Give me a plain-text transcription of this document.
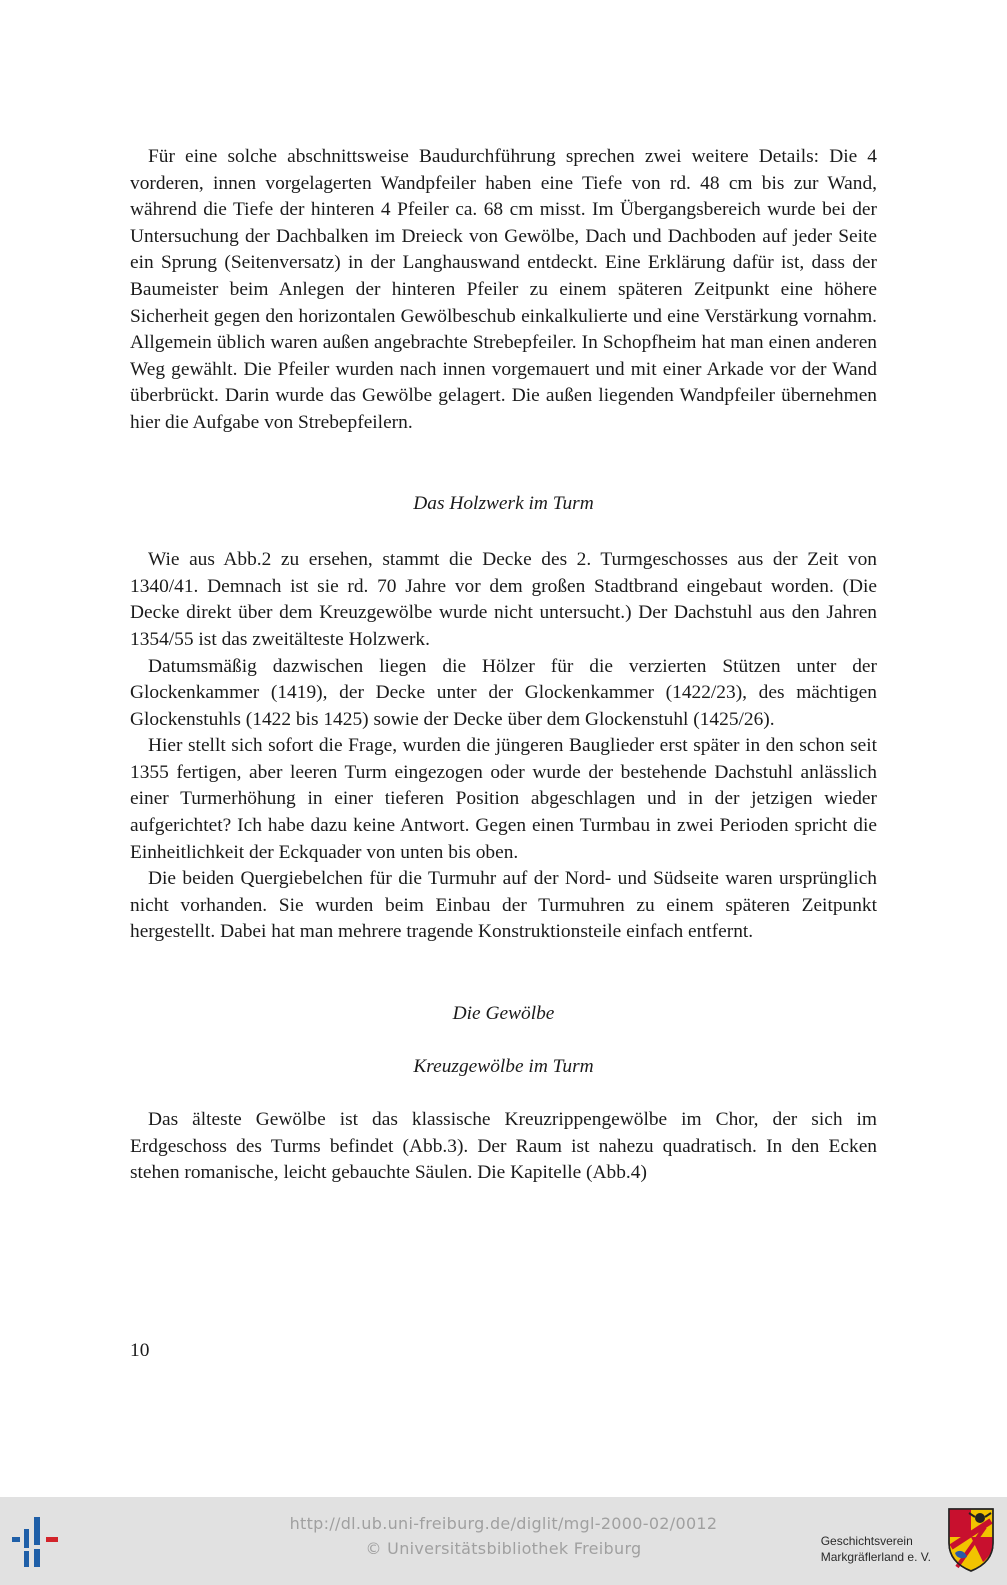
Für eine solche abschnittsweise Baudurchführung sprechen zwei weitere Details: Die 4 vorderen, innen vorgelagerten Wandpfeiler haben eine Tiefe von rd. 48 cm bis zur Wand, während die Tiefe der hinteren 4 Pfeiler ca. 68 cm misst. Im Übergangsbereich wurde bei der Untersuchung der Dachbalken im Dreieck von Gewölbe, Dach und Dachboden auf jeder Seite ein Sprung (Seitenversatz) in der Langhauswand entdeckt. Eine Erklärung dafür ist, dass der Baumeister beim Anlegen der hinteren Pfeiler zu einem späteren Zeitpunkt eine höhere Sicherheit gegen den horizontalen Gewölbeschub einkalkulierte und eine Verstärkung vornahm. Allgemein üblich waren außen angebrachte Strebepfeiler. In Schopfheim hat man einen anderen Weg gewählt. Die Pfeiler wurden nach innen vorgemauert und mit einer Arkade vor der Wand überbrückt. Darin wurde das Gewölbe gelagert. Die außen liegenden Wandpfeiler übernehmen hier die Aufgabe von Strebepfeilern.

Das Holzwerk im Turm

Wie aus Abb.2 zu ersehen, stammt die Decke des 2. Turmgeschosses aus der Zeit von 1340/41. Demnach ist sie rd. 70 Jahre vor dem großen Stadtbrand eingebaut worden. (Die Decke direkt über dem Kreuzgewölbe wurde nicht untersucht.) Der Dachstuhl aus den Jahren 1354/55 ist das zweitälteste Holzwerk.

Datumsmäßig dazwischen liegen die Hölzer für die verzierten Stützen unter der Glockenkammer (1419), der Decke unter der Glockenkammer (1422/23), des mächtigen Glockenstuhls (1422 bis 1425) sowie der Decke über dem Glockenstuhl (1425/26).

Hier stellt sich sofort die Frage, wurden die jüngeren Bauglieder erst später in den schon seit 1355 fertigen, aber leeren Turm eingezogen oder wurde der bestehende Dachstuhl anlässlich einer Turmerhöhung in einer tieferen Position abgeschlagen und in der jetzigen wieder aufgerichtet? Ich habe dazu keine Antwort. Gegen einen Turmbau in zwei Perioden spricht die Einheitlichkeit der Eckquader von unten bis oben.

Die beiden Quergiebelchen für die Turmuhr auf der Nord- und Südseite waren ursprünglich nicht vorhanden. Sie wurden beim Einbau der Turmuhren zu einem späteren Zeitpunkt hergestellt. Dabei hat man mehrere tragende Konstruktionsteile einfach entfernt.

Die Gewölbe
Kreuzgewölbe im Turm

Das älteste Gewölbe ist das klassische Kreuzrippengewölbe im Chor, der sich im Erdgeschoss des Turms befindet (Abb.3). Der Raum ist nahezu quadratisch. In den Ecken stehen romanische, leicht gebauchte Säulen. Die Kapitelle (Abb.4)

10
http://dl.ub.uni-freiburg.de/diglit/mgl-2000-02/0012
© Universitätsbibliothek Freiburg	Geschichtsverein
Markgräflerland e. V.
